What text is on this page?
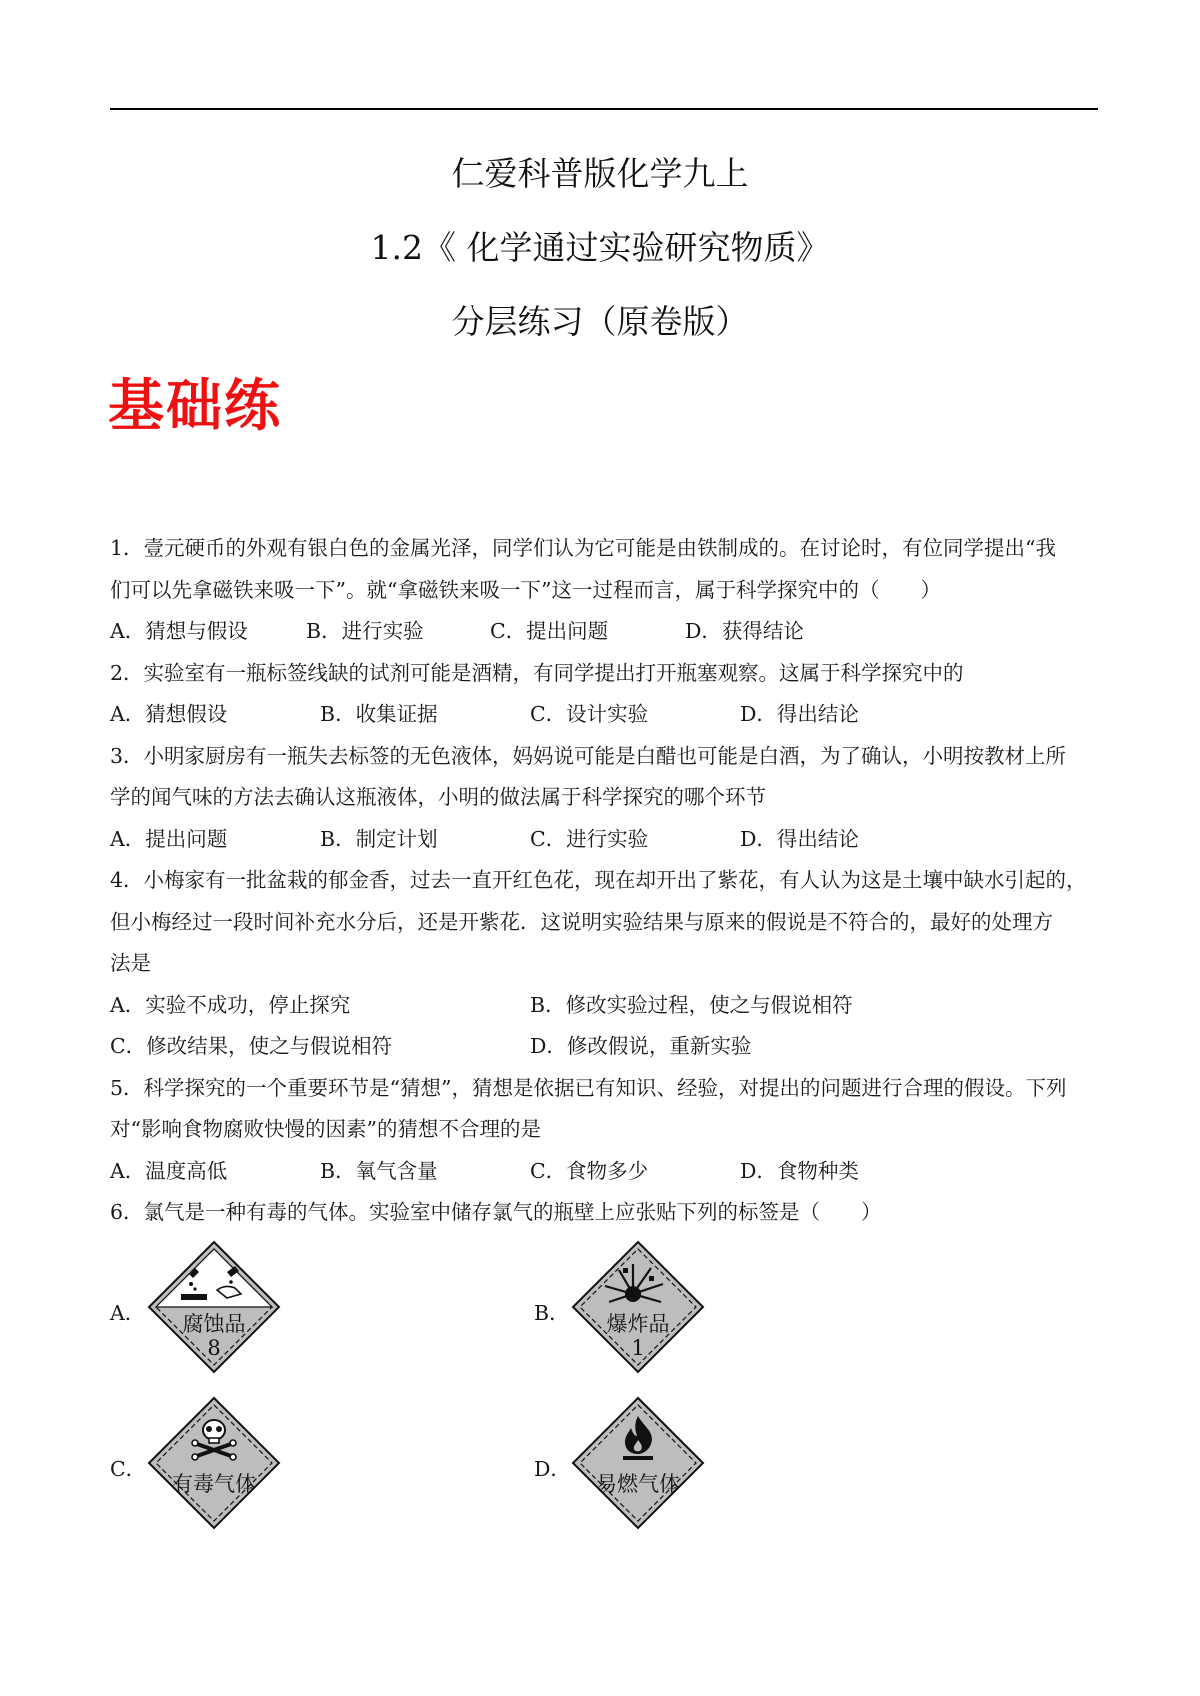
仁爱科普版化学九上
1.2《 化学通过实验研究物质》
分层练习（原卷版）
基础练
1．壹元硬币的外观有银白色的金属光泽，同学们认为它可能是由铁制成的。在讨论时，有位同学提出“我
们可以先拿磁铁来吸一下”。就“拿磁铁来吸一下”这一过程而言，属于科学探究中的（　　）
A．猜想与假设	B．进行实验	C．提出问题	D．获得结论
2．实验室有一瓶标签线缺的试剂可能是酒精，有同学提出打开瓶塞观察。这属于科学探究中的
A．猜想假设	B．收集证据	C．设计实验	D．得出结论
3．小明家厨房有一瓶失去标签的无色液体，妈妈说可能是白醋也可能是白酒，为了确认，小明按教材上所
学的闻气味的方法去确认这瓶液体，小明的做法属于科学探究的哪个环节
A．提出问题	B．制定计划	C．进行实验	D．得出结论
4．小梅家有一批盆栽的郁金香，过去一直开红色花，现在却开出了紫花，有人认为这是土壤中缺水引起的，
但小梅经过一段时间补充水分后，还是开紫花．这说明实验结果与原来的假说是不符合的，最好的处理方
法是
A．实验不成功，停止探究	B．修改实验过程，使之与假说相符
C．修改结果，使之与假说相符	D．修改假说，重新实验
5．科学探究的一个重要环节是“猜想”，猜想是依据已有知识、经验，对提出的问题进行合理的假设。下列
对“影响食物腐败快慢的因素”的猜想不合理的是
A．温度高低	B．氧气含量	C．食物多少	D．食物种类
6．氯气是一种有毒的气体。实验室中储存氯气的瓶壁上应张贴下列的标签是（　　）
A．	腐蚀品
8
B．	爆炸品
1
C．
有毒气体
D．
易燃气体
